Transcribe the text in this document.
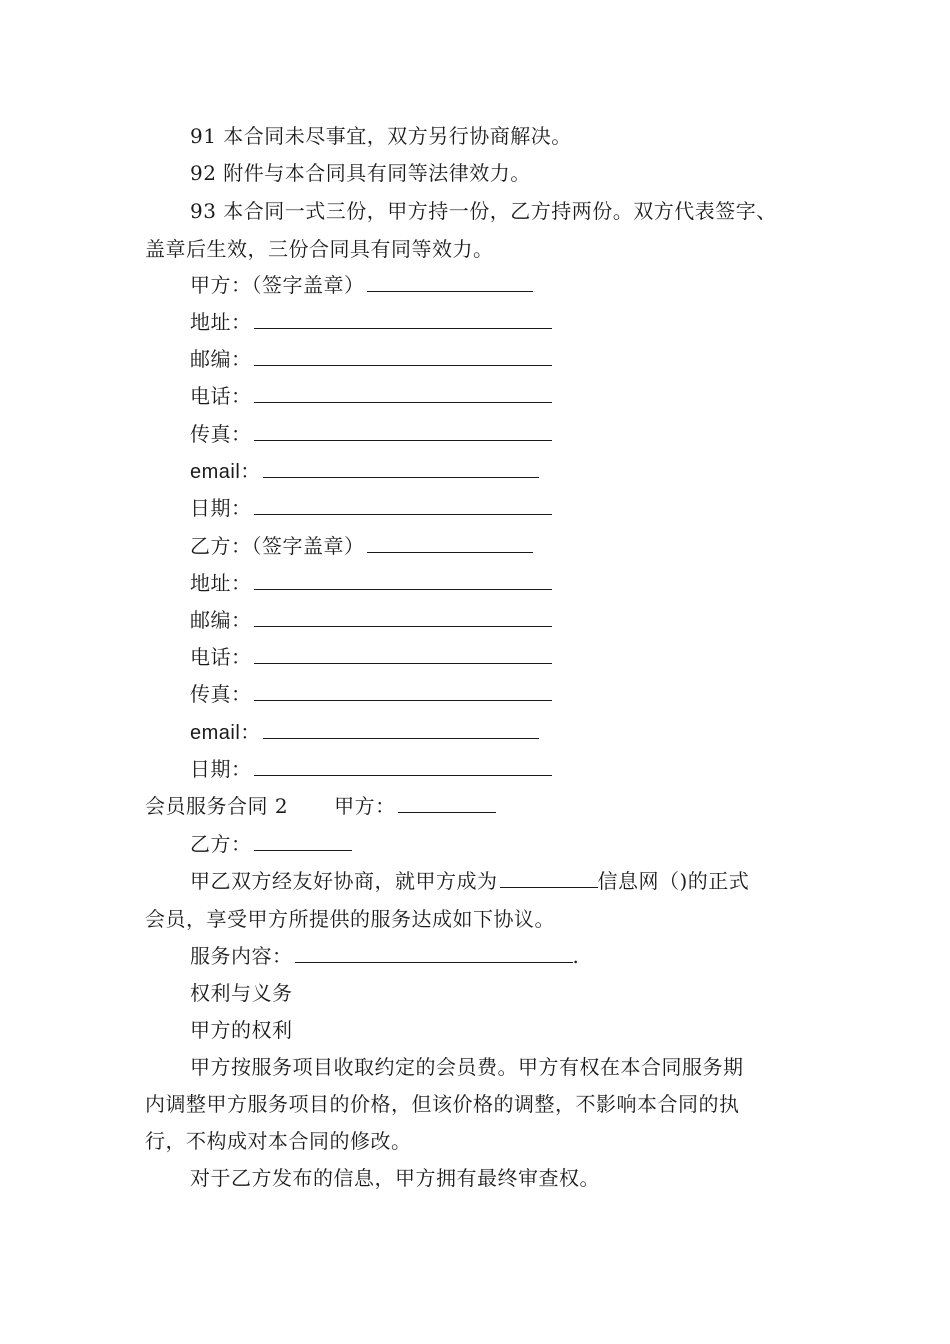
91 本合同未尽事宜，双方另行协商解决。
92 附件与本合同具有同等法律效力。
93 本合同一式三份，甲方持一份，乙方持两份。双方代表签字、
盖章后生效，三份合同具有同等效力。
甲方：（签字盖章）
地址：
邮编：
电话：
传真：
email：
日期：
乙方：（签字盖章）
地址：
邮编：
电话：
传真：
email：
日期：
会员服务合同 2 甲方：
乙方：
甲乙双方经友好协商，就甲方成为	信息网（)的正式
会员，享受甲方所提供的服务达成如下协议。
服务内容：	.
权利与义务
甲方的权利
甲方按服务项目收取约定的会员费。甲方有权在本合同服务期
内调整甲方服务项目的价格，但该价格的调整，不影响本合同的执
行，不构成对本合同的修改。
对于乙方发布的信息，甲方拥有最终审查权。
